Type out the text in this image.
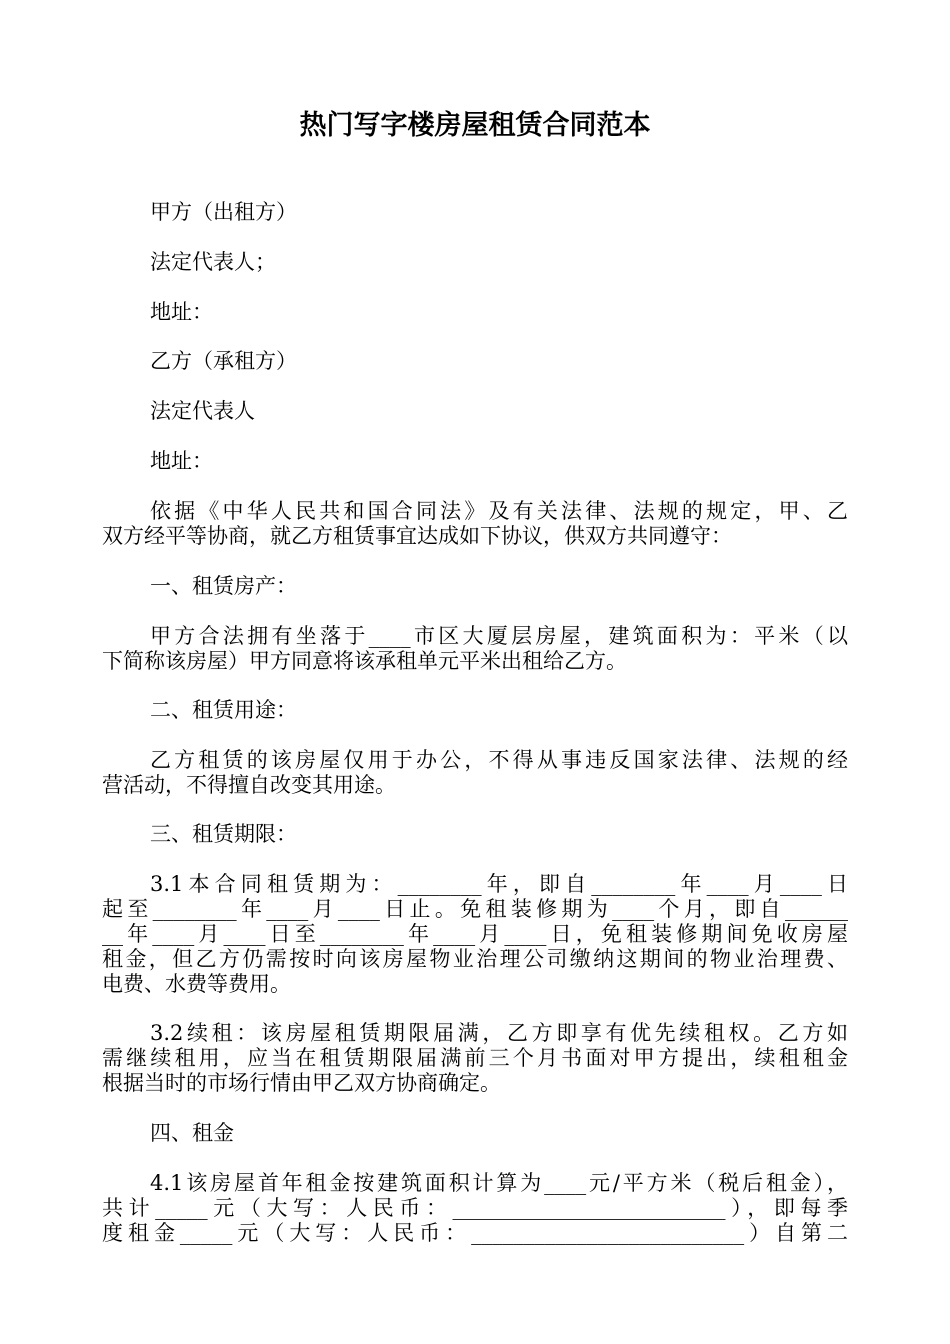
热门写字楼房屋租赁合同范本
甲方（出租方）
法定代表人；
地址：
乙方（承租方）
法定代表人
地址：
依据《中华人民共和国合同法》及有关法律、法规的规定，甲、乙
双方经平等协商，就乙方租赁事宜达成如下协议，供双方共同遵守：
一、租赁房产：
甲方合法拥有坐落于____市区大厦层房屋，建筑面积为：平米（以
下简称该房屋）甲方同意将该承租单元平米出租给乙方。
二、租赁用途：
乙方租赁的该房屋仅用于办公，不得从事违反国家法律、法规的经
营活动，不得擅自改变其用途。
三、租赁期限：
3.1本合同租赁期为：________年，即自________年____月____日
起至________年____月____日止。免租装修期为____个月，即自______
__年____月____日至________年____月____日，免租装修期间免收房屋
租金，但乙方仍需按时向该房屋物业治理公司缴纳这期间的物业治理费、
电费、水费等费用。
3.2续租：该房屋租赁期限届满，乙方即享有优先续租权。乙方如
需继续租用，应当在租赁期限届满前三个月书面对甲方提出，续租租金
根据当时的市场行情由甲乙双方协商确定。
四、租金
4.1该房屋首年租金按建筑面积计算为____元/平方米（税后租金），
共计_____元（大写：人民币：__________________________），即每季
度租金_____元（大写：人民币：__________________________）自第二
